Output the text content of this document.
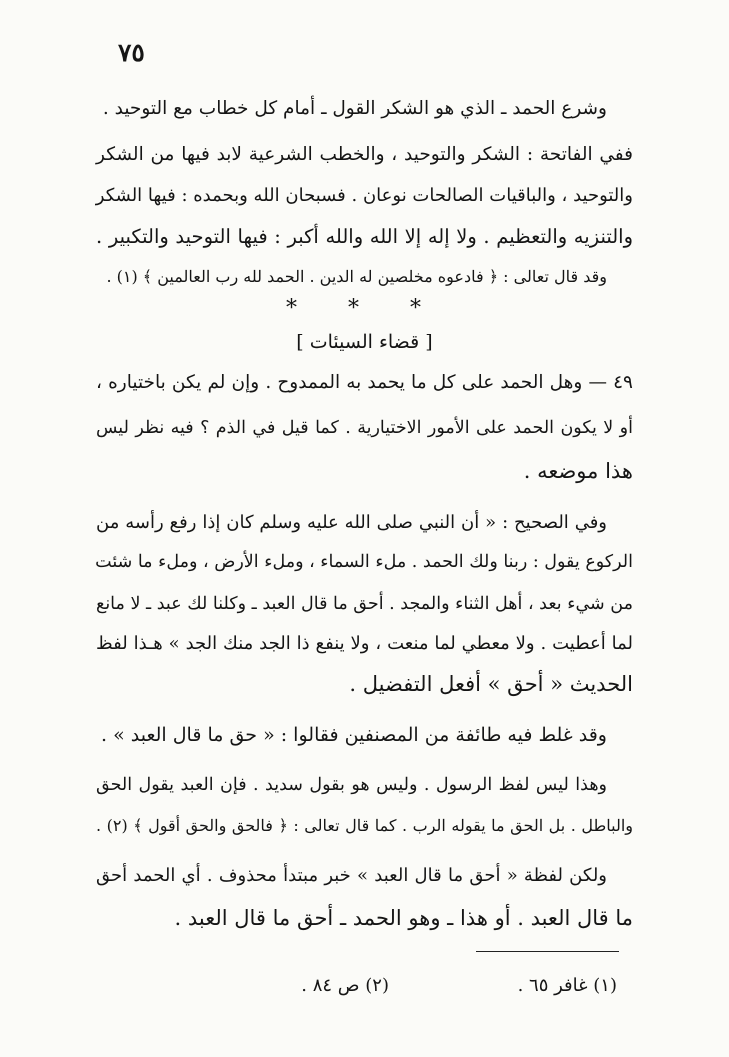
٧٥
وشرع الحمد ـ الذي هو الشكر القول ـ أمام كل خطاب مع التوحيد .
ففي الفاتحة : الشكر والتوحيد ، والخطب الشرعية لابد فيها من الشكر
والتوحيد ، والباقيات الصالحات نوعان . فسبحان الله وبحمده : فيها الشكر
والتنزيه والتعظيم . ولا إله إلا الله والله أكبر : فيها التوحيد والتكبير .
وقد قال تعالى : ﴿ فادعوه مخلصين له الدين . الحمد لله رب العالمين ﴾ (١) .
* * *
[ قضاء السيئات ]
٤٩ — وهل الحمد على كل ما يحمد به الممدوح . وإن لم يكن باختياره ،
أو لا يكون الحمد على الأمور الاختيارية . كما قيل في الذم ؟ فيه نظر ليس
هذا موضعه .
وفي الصحيح : « أن النبي صلى الله عليه وسلم كان إذا رفع رأسه من
الركوع يقول : ربنا ولك الحمد . ملء السماء ، وملء الأرض ، وملء ما شئت
من شيء بعد ، أهل الثناء والمجد . أحق ما قال العبد ـ وكلنا لك عبد ـ لا مانع
لما أعطيت . ولا معطي لما منعت ، ولا ينفع ذا الجد منك الجد » هـذا لفظ
الحديث « أحق » أفعل التفضيل .
وقد غلط فيه طائفة من المصنفين فقالوا : « حق ما قال العبد » .
وهذا ليس لفظ الرسول . وليس هو بقول سديد . فإن العبد يقول الحق
والباطل . بل الحق ما يقوله الرب . كما قال تعالى : ﴿ فالحق والحق أقول ﴾ (٢) .
ولكن لفظة « أحق ما قال العبد » خبر مبتدأ محذوف . أي الحمد أحق
ما قال العبد . أو هذا ـ وهو الحمد ـ أحق ما قال العبد .
(١) غافر ٦٥ .
(٢) ص ٨٤ .
